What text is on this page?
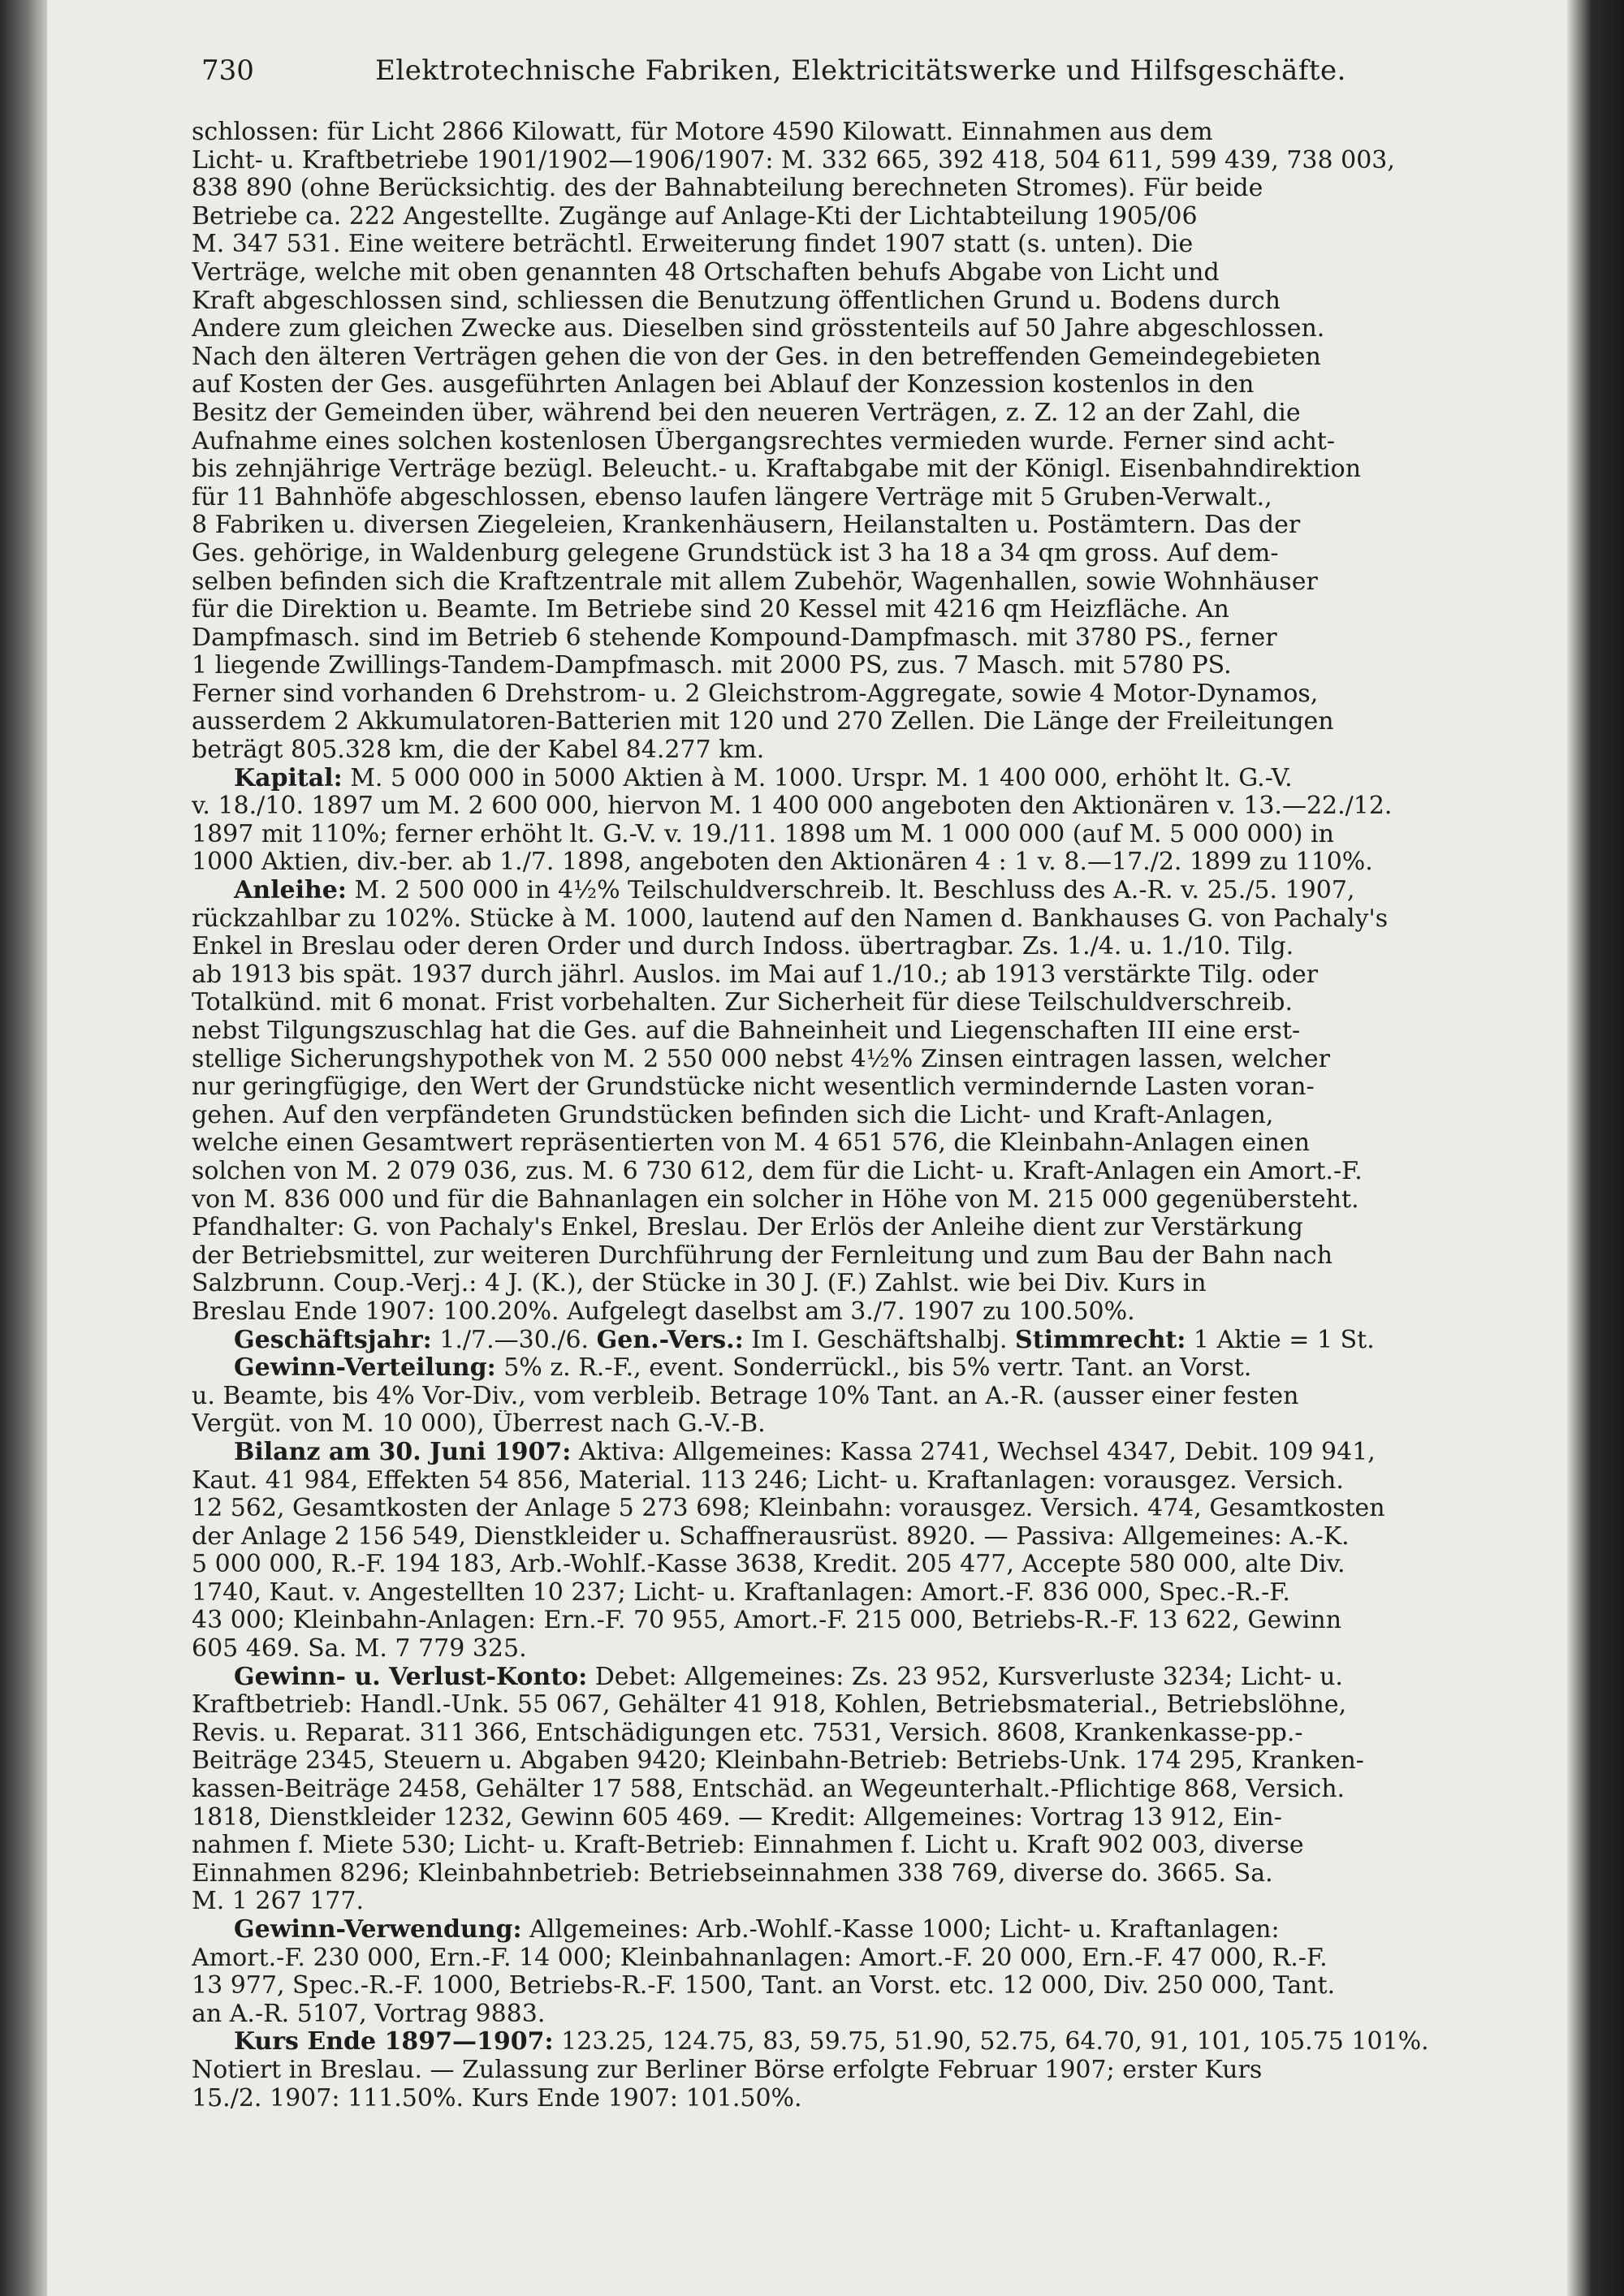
730	Elektrotechnische Fabriken, Elektricitätswerke und Hilfsgeschäfte.
schlossen: für Licht 2866 Kilowatt, für Motore 4590 Kilowatt. Einnahmen aus dem
Licht- u. Kraftbetriebe 1901/1902—1906/1907: M. 332 665, 392 418, 504 611, 599 439, 738 003,
838 890 (ohne Berücksichtig. des der Bahnabteilung berechneten Stromes). Für beide
Betriebe ca. 222 Angestellte. Zugänge auf Anlage-Kti der Lichtabteilung 1905/06
M. 347 531. Eine weitere beträchtl. Erweiterung findet 1907 statt (s. unten). Die
Verträge, welche mit oben genannten 48 Ortschaften behufs Abgabe von Licht und
Kraft abgeschlossen sind, schliessen die Benutzung öffentlichen Grund u. Bodens durch
Andere zum gleichen Zwecke aus. Dieselben sind grösstenteils auf 50 Jahre abgeschlossen.
Nach den älteren Verträgen gehen die von der Ges. in den betreffenden Gemeindegebieten
auf Kosten der Ges. ausgeführten Anlagen bei Ablauf der Konzession kostenlos in den
Besitz der Gemeinden über, während bei den neueren Verträgen, z. Z. 12 an der Zahl, die
Aufnahme eines solchen kostenlosen Übergangsrechtes vermieden wurde. Ferner sind acht-
bis zehnjährige Verträge bezügl. Beleucht.- u. Kraftabgabe mit der Königl. Eisenbahndirektion
für 11 Bahnhöfe abgeschlossen, ebenso laufen längere Verträge mit 5 Gruben-Verwalt.,
8 Fabriken u. diversen Ziegeleien, Krankenhäusern, Heilanstalten u. Postämtern. Das der
Ges. gehörige, in Waldenburg gelegene Grundstück ist 3 ha 18 a 34 qm gross. Auf dem-
selben befinden sich die Kraftzentrale mit allem Zubehör, Wagenhallen, sowie Wohnhäuser
für die Direktion u. Beamte. Im Betriebe sind 20 Kessel mit 4216 qm Heizfläche. An
Dampfmasch. sind im Betrieb 6 stehende Kompound-Dampfmasch. mit 3780 PS., ferner
1 liegende Zwillings-Tandem-Dampfmasch. mit 2000 PS, zus. 7 Masch. mit 5780 PS.
Ferner sind vorhanden 6 Drehstrom- u. 2 Gleichstrom-Aggregate, sowie 4 Motor-Dynamos,
ausserdem 2 Akkumulatoren-Batterien mit 120 und 270 Zellen. Die Länge der Freileitungen
beträgt 805.328 km, die der Kabel 84.277 km.
Kapital: M. 5 000 000 in 5000 Aktien à M. 1000. Urspr. M. 1 400 000, erhöht lt. G.-V.
v. 18./10. 1897 um M. 2 600 000, hiervon M. 1 400 000 angeboten den Aktionären v. 13.—22./12.
1897 mit 110%; ferner erhöht lt. G.-V. v. 19./11. 1898 um M. 1 000 000 (auf M. 5 000 000) in
1000 Aktien, div.-ber. ab 1./7. 1898, angeboten den Aktionären 4 : 1 v. 8.—17./2. 1899 zu 110%.
Anleihe: M. 2 500 000 in 4½% Teilschuldverschreib. lt. Beschluss des A.-R. v. 25./5. 1907,
rückzahlbar zu 102%. Stücke à M. 1000, lautend auf den Namen d. Bankhauses G. von Pachaly's
Enkel in Breslau oder deren Order und durch Indoss. übertragbar. Zs. 1./4. u. 1./10. Tilg.
ab 1913 bis spät. 1937 durch jährl. Auslos. im Mai auf 1./10.; ab 1913 verstärkte Tilg. oder
Totalkünd. mit 6 monat. Frist vorbehalten. Zur Sicherheit für diese Teilschuldverschreib.
nebst Tilgungszuschlag hat die Ges. auf die Bahneinheit und Liegenschaften III eine erst-
stellige Sicherungshypothek von M. 2 550 000 nebst 4½% Zinsen eintragen lassen, welcher
nur geringfügige, den Wert der Grundstücke nicht wesentlich vermindernde Lasten voran-
gehen. Auf den verpfändeten Grundstücken befinden sich die Licht- und Kraft-Anlagen,
welche einen Gesamtwert repräsentierten von M. 4 651 576, die Kleinbahn-Anlagen einen
solchen von M. 2 079 036, zus. M. 6 730 612, dem für die Licht- u. Kraft-Anlagen ein Amort.-F.
von M. 836 000 und für die Bahnanlagen ein solcher in Höhe von M. 215 000 gegenübersteht.
Pfandhalter: G. von Pachaly's Enkel, Breslau. Der Erlös der Anleihe dient zur Verstärkung
der Betriebsmittel, zur weiteren Durchführung der Fernleitung und zum Bau der Bahn nach
Salzbrunn. Coup.-Verj.: 4 J. (K.), der Stücke in 30 J. (F.) Zahlst. wie bei Div. Kurs in
Breslau Ende 1907: 100.20%. Aufgelegt daselbst am 3./7. 1907 zu 100.50%.
Geschäftsjahr: 1./7.—30./6. Gen.-Vers.: Im I. Geschäftshalbj. Stimmrecht: 1 Aktie = 1 St.
Gewinn-Verteilung: 5% z. R.-F., event. Sonderrückl., bis 5% vertr. Tant. an Vorst.
u. Beamte, bis 4% Vor-Div., vom verbleib. Betrage 10% Tant. an A.-R. (ausser einer festen
Vergüt. von M. 10 000), Überrest nach G.-V.-B.
Bilanz am 30. Juni 1907: Aktiva: Allgemeines: Kassa 2741, Wechsel 4347, Debit. 109 941,
Kaut. 41 984, Effekten 54 856, Material. 113 246; Licht- u. Kraftanlagen: vorausgez. Versich.
12 562, Gesamtkosten der Anlage 5 273 698; Kleinbahn: vorausgez. Versich. 474, Gesamtkosten
der Anlage 2 156 549, Dienstkleider u. Schaffnerausrüst. 8920. — Passiva: Allgemeines: A.-K.
5 000 000, R.-F. 194 183, Arb.-Wohlf.-Kasse 3638, Kredit. 205 477, Accepte 580 000, alte Div.
1740, Kaut. v. Angestellten 10 237; Licht- u. Kraftanlagen: Amort.-F. 836 000, Spec.-R.-F.
43 000; Kleinbahn-Anlagen: Ern.-F. 70 955, Amort.-F. 215 000, Betriebs-R.-F. 13 622, Gewinn
605 469. Sa. M. 7 779 325.
Gewinn- u. Verlust-Konto: Debet: Allgemeines: Zs. 23 952, Kursverluste 3234; Licht- u.
Kraftbetrieb: Handl.-Unk. 55 067, Gehälter 41 918, Kohlen, Betriebsmaterial., Betriebslöhne,
Revis. u. Reparat. 311 366, Entschädigungen etc. 7531, Versich. 8608, Krankenkasse-pp.-
Beiträge 2345, Steuern u. Abgaben 9420; Kleinbahn-Betrieb: Betriebs-Unk. 174 295, Kranken-
kassen-Beiträge 2458, Gehälter 17 588, Entschäd. an Wegeunterhalt.-Pflichtige 868, Versich.
1818, Dienstkleider 1232, Gewinn 605 469. — Kredit: Allgemeines: Vortrag 13 912, Ein-
nahmen f. Miete 530; Licht- u. Kraft-Betrieb: Einnahmen f. Licht u. Kraft 902 003, diverse
Einnahmen 8296; Kleinbahnbetrieb: Betriebseinnahmen 338 769, diverse do. 3665. Sa.
M. 1 267 177.
Gewinn-Verwendung: Allgemeines: Arb.-Wohlf.-Kasse 1000; Licht- u. Kraftanlagen:
Amort.-F. 230 000, Ern.-F. 14 000; Kleinbahnanlagen: Amort.-F. 20 000, Ern.-F. 47 000, R.-F.
13 977, Spec.-R.-F. 1000, Betriebs-R.-F. 1500, Tant. an Vorst. etc. 12 000, Div. 250 000, Tant.
an A.-R. 5107, Vortrag 9883.
Kurs Ende 1897—1907: 123.25, 124.75, 83, 59.75, 51.90, 52.75, 64.70, 91, 101, 105.75 101%.
Notiert in Breslau. — Zulassung zur Berliner Börse erfolgte Februar 1907; erster Kurs
15./2. 1907: 111.50%. Kurs Ende 1907: 101.50%.
